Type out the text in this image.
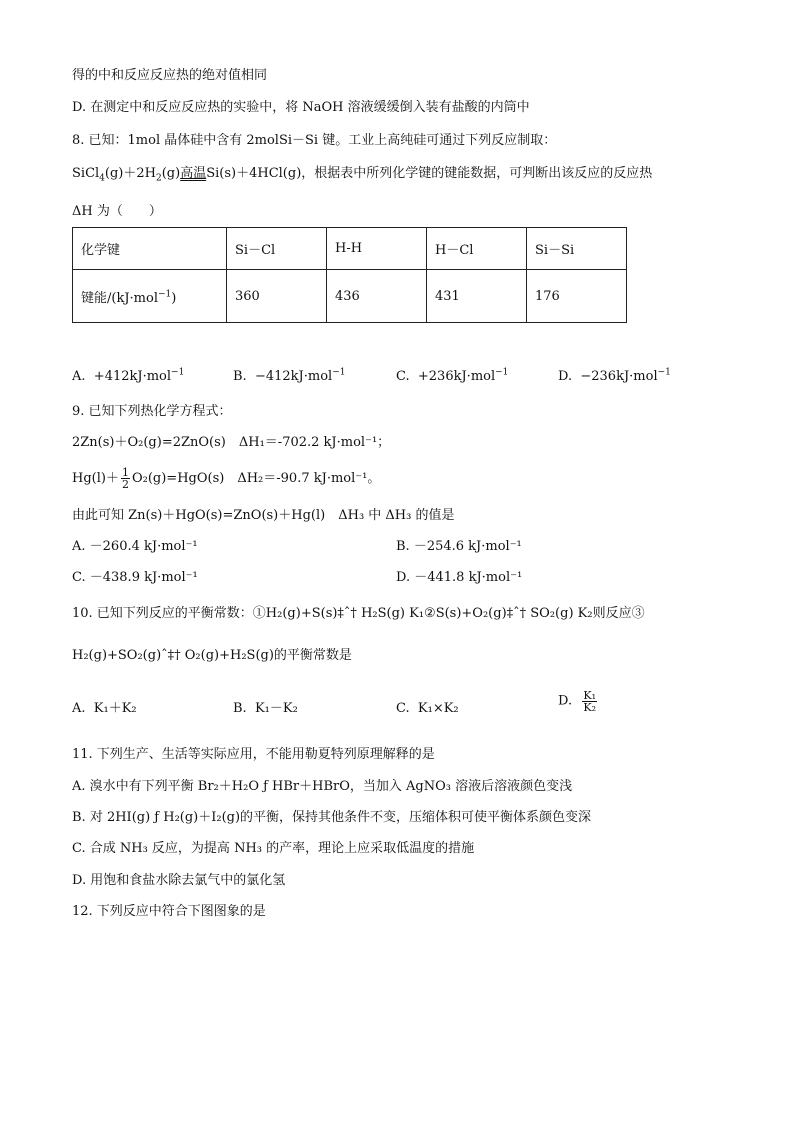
得的中和反应反应热的绝对值相同
D. 在测定中和反应反应热的实验中，将 NaOH 溶液缓缓倒入装有盐酸的内筒中
8. 已知：1mol 晶体硅中含有 2molSi－Si 键。工业上高纯硅可通过下列反应制取：
$SiCl_4(g)+2H_2(g)$高温Si(s)＋4HCl(g)，根据表中所列化学键的键能数据，可判断出该反应的反应热
ΔH 为（　　）
化学键	Si－Cl	H-H	H－Cl	Si－Si
键能/(kJ·mol$^{-1}$)	360	436	431	176
A. +412kJ·mol$^{-1}$	B. −412kJ·mol$^{-1}$	C. +236kJ·mol$^{-1}$	D. −236kJ·mol$^{-1}$
9. 已知下列热化学方程式：
2Zn(s)＋O₂(g)=2ZnO(s)　ΔH₁＝-702.2 kJ·mol⁻¹；
$Hg(l)+ \frac{1}{2} O_2(g)=HgO(s)$　ΔH₂＝-90.7 kJ·mol⁻¹。
由此可知 Zn(s)＋HgO(s)=ZnO(s)＋Hg(l)　ΔH₃ 中 ΔH₃ 的值是
A. －260.4 kJ·mol⁻¹	B. －254.6 kJ·mol⁻¹
C. －438.9 kJ·mol⁻¹	D. －441.8 kJ·mol⁻¹
10. 已知下列反应的平衡常数：①H₂(g)+S(s)‡ˆ† H₂S(g) K₁②S(s)+O₂(g)‡ˆ† SO₂(g) K₂则反应③
H₂(g)+SO₂(g)ˆ‡† O₂(g)+H₂S(g)的平衡常数是
A. K₁＋K₂	B. K₁－K₂	C. K₁×K₂	D. $\frac{\text{K₁}}{\text{K₂}}$
11. 下列生产、生活等实际应用，不能用勒夏特列原理解释的是
A. 溴水中有下列平衡 Br₂＋H₂O ƒ HBr＋HBrO，当加入 AgNO₃ 溶液后溶液颜色变浅
B. 对 2HI(g) ƒ H₂(g)＋I₂(g)的平衡，保持其他条件不变，压缩体积可使平衡体系颜色变深
C. 合成 NH₃ 反应，为提高 NH₃ 的产率，理论上应采取低温度的措施
D. 用饱和食盐水除去氯气中的氯化氢
12. 下列反应中符合下图图象的是
